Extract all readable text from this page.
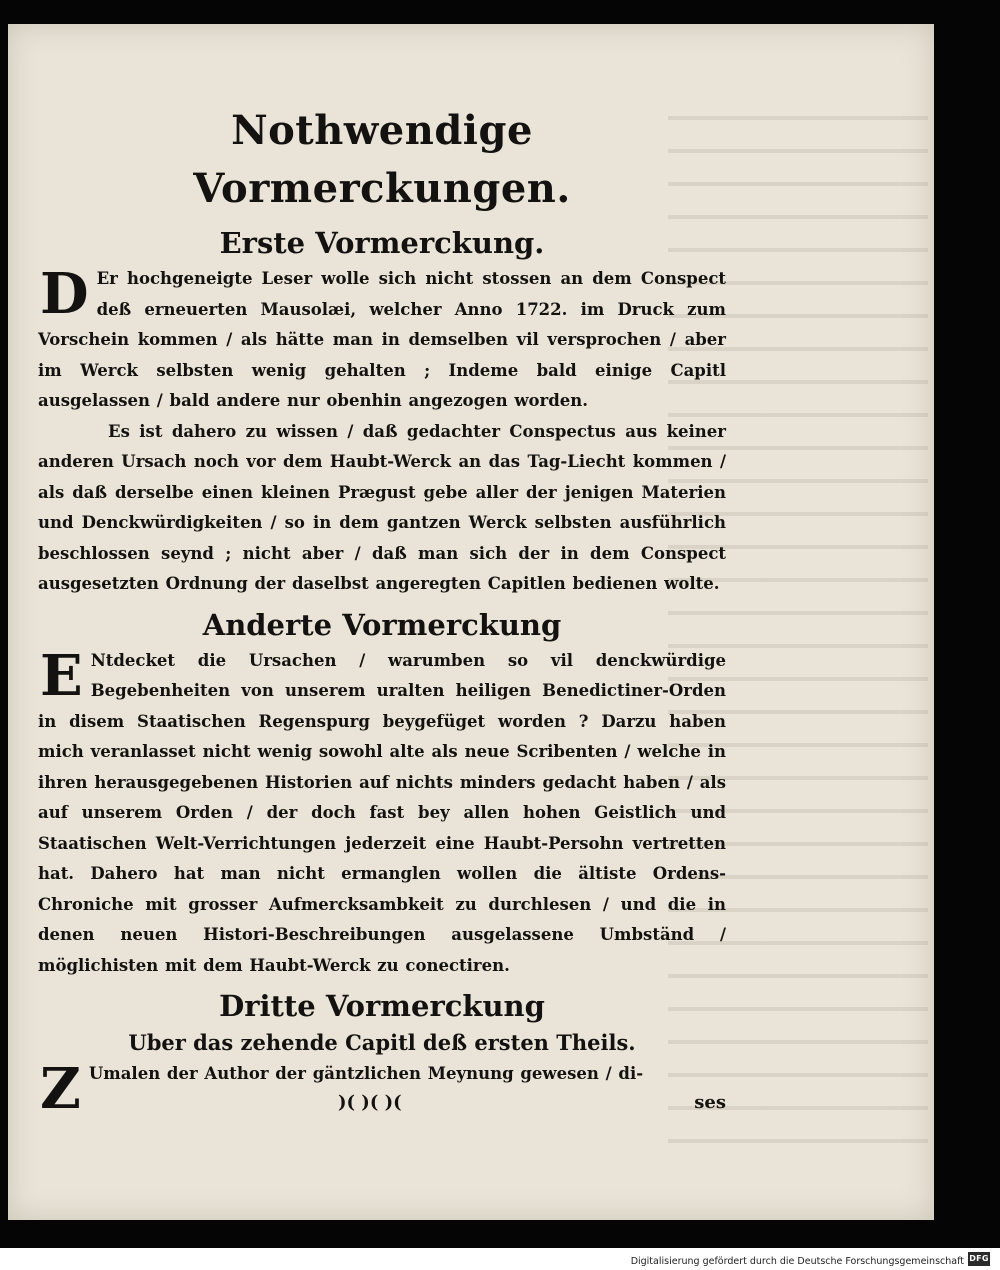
Nothwendige Vormerckungen.
Erste Vormerckung.

D Er hochgeneigte Leser wolle sich nicht stossen an dem Conspect deß erneuerten Mausolæi, welcher Anno 1722. im Druck zum Vorschein kommen / als hätte man in demselben vil versprochen / aber im Werck selbsten wenig gehalten ; Indeme bald einige Capitl ausgelassen / bald andere nur obenhin angezogen worden.

Es ist dahero zu wissen / daß gedachter Conspectus aus keiner anderen Ursach noch vor dem Haubt-Werck an das Tag-Liecht kommen / als daß derselbe einen kleinen Prægust gebe aller der jenigen Materien und Denckwürdigkeiten / so in dem gantzen Werck selbsten ausführlich beschlossen seynd ; nicht aber / daß man sich der in dem Conspect ausgesetzten Ordnung der daselbst angeregten Capitlen bedienen wolte.

Anderte Vormerckung

E Ntdecket die Ursachen / warumben so vil denckwürdige Begebenheiten von unserem uralten heiligen Benedictiner-Orden in disem Staatischen Regenspurg beygefüget worden ? Darzu haben mich veranlasset nicht wenig sowohl alte als neue Scribenten / welche in ihren herausgegebenen Historien auf nichts minders gedacht haben / als auf unserem Orden / der doch fast bey allen hohen Geistlich und Staatischen Welt-Verrichtungen jederzeit eine Haubt-Persohn vertretten hat. Dahero hat man nicht ermanglen wollen die ältiste Ordens-Chroniche mit grosser Aufmercksambkeit zu durchlesen / und die in denen neuen Histori-Beschreibungen ausgelassene Umbständ / möglichisten mit dem Haubt-Werck zu conectiren.

Dritte Vormerckung
Uber das zehende Capitl deß ersten Theils.

Z Umalen der Author der gäntzlichen Meynung gewesen / di-

)( )( )(	ses
Digitalisierung gefördert durch die Deutsche Forschungsgemeinschaft DFG
